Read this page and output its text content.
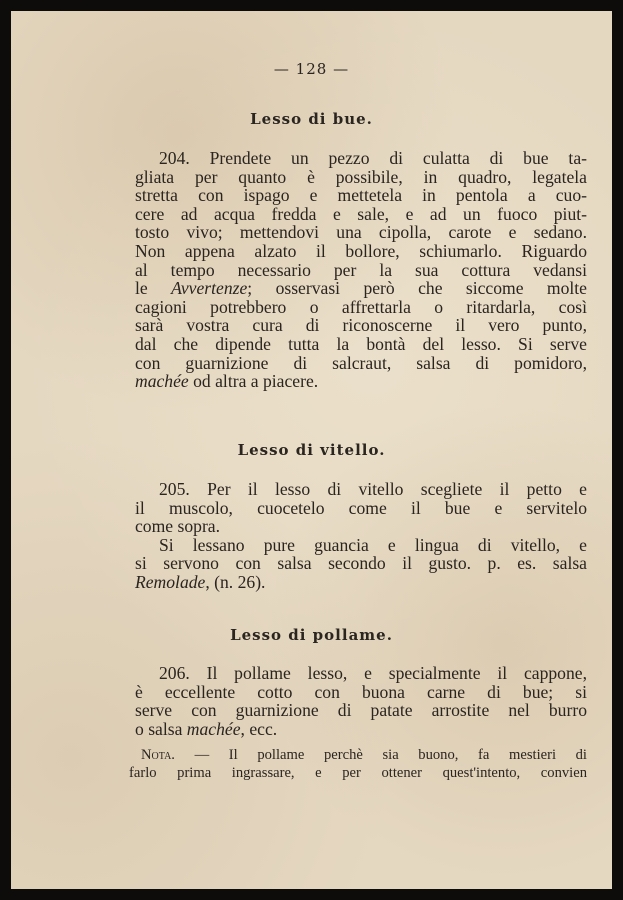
— 128 —
Lesso di bue.
204. Prendete un pezzo di culatta di bue ta-
gliata per quanto è possibile, in quadro, legatela
stretta con ispago e mettetela in pentola a cuo-
cere ad acqua fredda e sale, e ad un fuoco piut-
tosto vivo; mettendovi una cipolla, carote e sedano.
Non appena alzato il bollore, schiumarlo. Riguardo
al tempo necessario per la sua cottura vedansi
le Avvertenze; osservasi però che siccome molte
cagioni potrebbero o affrettarla o ritardarla, così
sarà vostra cura di riconoscerne il vero punto,
dal che dipende tutta la bontà del lesso. Si serve
con guarnizione di salcraut, salsa di pomidoro,
machée od altra a piacere.
Lesso di vitello.
205. Per il lesso di vitello scegliete il petto e
il muscolo, cuocetelo come il bue e servitelo
come sopra.
Si lessano pure guancia e lingua di vitello, e
si servono con salsa secondo il gusto. p. es. salsa
Remolade, (n. 26).
Lesso di pollame.
206. Il pollame lesso, e specialmente il cappone,
è eccellente cotto con buona carne di bue; si
serve con guarnizione di patate arrostite nel burro
o salsa machée, ecc.
Nota. — Il pollame perchè sia buono, fa mestieri di
farlo prima ingrassare, e per ottener quest'intento, convien
